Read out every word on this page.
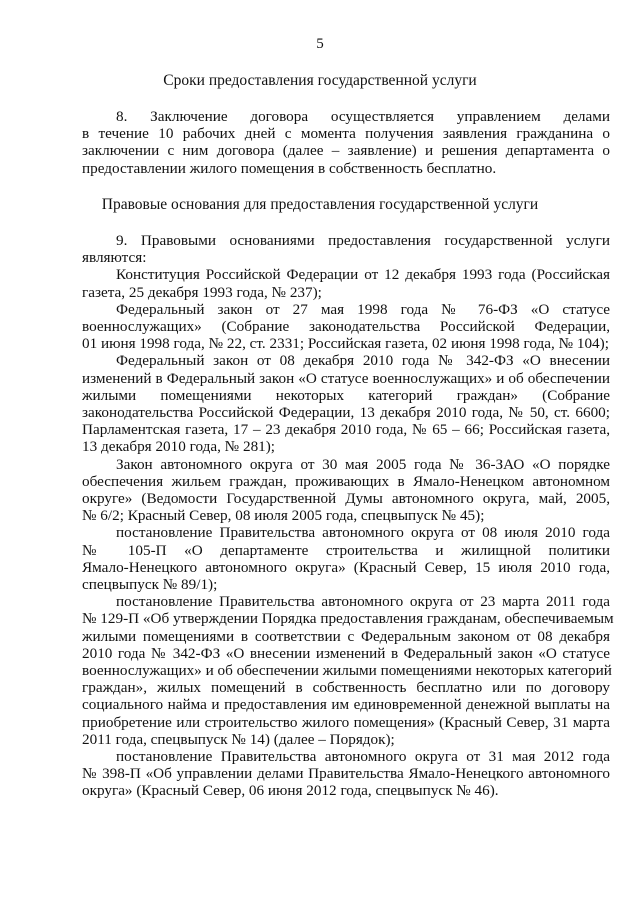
5
Сроки предоставления государственной услуги
8. Заключение договора осуществляется управлением делами
в течение 10 рабочих дней с момента получения заявления гражданина о
заключении с ним договора (далее – заявление) и решения департамента о
предоставлении жилого помещения в собственность бесплатно.
Правовые основания для предоставления государственной услуги
9. Правовыми основаниями предоставления государственной услуги
являются:
Конституция Российской Федерации от 12 декабря 1993 года (Российская
газета, 25 декабря 1993 года, № 237);
Федеральный закон от 27 мая 1998 года № 76-ФЗ «О статусе
военнослужащих» (Собрание законодательства Российской Федерации,
01 июня 1998 года, № 22, ст. 2331; Российская газета, 02 июня 1998 года, № 104);
Федеральный закон от 08 декабря 2010 года № 342-ФЗ «О внесении
изменений в Федеральный закон «О статусе военнослужащих» и об обеспечении
жилыми помещениями некоторых категорий граждан» (Собрание
законодательства Российской Федерации, 13 декабря 2010 года, № 50, ст. 6600;
Парламентская газета, 17 – 23 декабря 2010 года, № 65 – 66; Российская газета,
13 декабря 2010 года, № 281);
Закон автономного округа от 30 мая 2005 года № 36-ЗАО «О порядке
обеспечения жильем граждан, проживающих в Ямало-Ненецком автономном
округе» (Ведомости Государственной Думы автономного округа, май, 2005,
№ 6/2; Красный Север, 08 июля 2005 года, спецвыпуск № 45);
постановление Правительства автономного округа от 08 июля 2010 года
№ 105-П «О департаменте строительства и жилищной политики
Ямало-Ненецкого автономного округа» (Красный Север, 15 июля 2010 года,
спецвыпуск № 89/1);
постановление Правительства автономного округа от 23 марта 2011 года
№ 129-П «Об утверждении Порядка предоставления гражданам, обеспечиваемым
жилыми помещениями в соответствии с Федеральным законом от 08 декабря
2010 года № 342-ФЗ «О внесении изменений в Федеральный закон «О статусе
военнослужащих» и об обеспечении жилыми помещениями некоторых категорий
граждан», жилых помещений в собственность бесплатно или по договору
социального найма и предоставления им единовременной денежной выплаты на
приобретение или строительство жилого помещения» (Красный Север, 31 марта
2011 года, спецвыпуск № 14) (далее – Порядок);
постановление Правительства автономного округа от 31 мая 2012 года
№ 398-П «Об управлении делами Правительства Ямало-Ненецкого автономного
округа» (Красный Север, 06 июня 2012 года, спецвыпуск № 46).
